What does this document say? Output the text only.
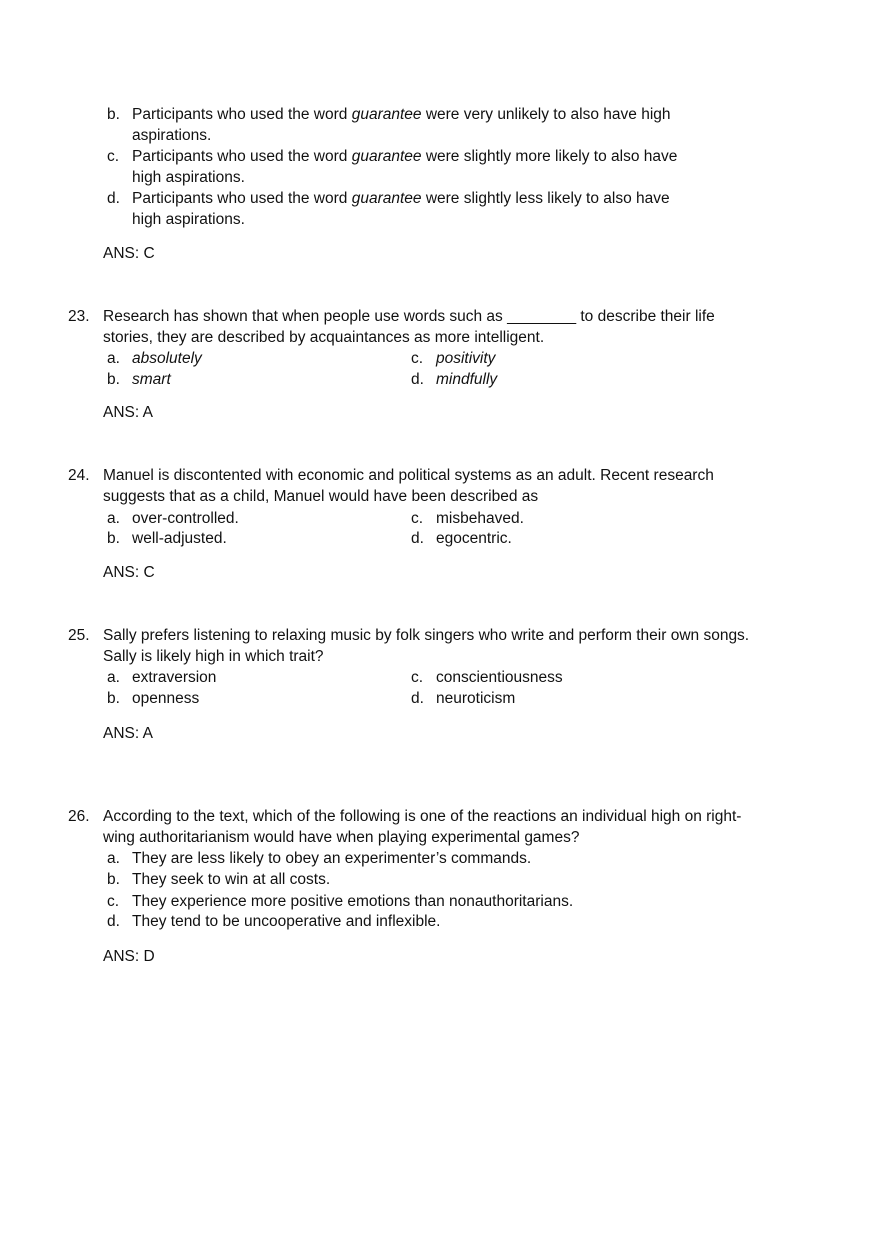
b. Participants who used the word guarantee were very unlikely to also have high
aspirations.
c. Participants who used the word guarantee were slightly more likely to also have
high aspirations.
d. Participants who used the word guarantee were slightly less likely to also have
high aspirations.
ANS: C
23. Research has shown that when people use words such as ________ to describe their life
stories, they are described by acquaintances as more intelligent.
a. absolutely
b. smart
c. positivity
d. mindfully
ANS: A
24. Manuel is discontented with economic and political systems as an adult. Recent research
suggests that as a child, Manuel would have been described as
a. over-controlled.
b. well-adjusted.
c. misbehaved.
d. egocentric.
ANS: C
25. Sally prefers listening to relaxing music by folk singers who write and perform their own songs.
Sally is likely high in which trait?
a. extraversion
b. openness
c. conscientiousness
d. neuroticism
ANS: A
26. According to the text, which of the following is one of the reactions an individual high on right-
wing authoritarianism would have when playing experimental games?
a. They are less likely to obey an experimenter’s commands.
b. They seek to win at all costs.
c. They experience more positive emotions than nonauthoritarians.
d. They tend to be uncooperative and inflexible.
ANS: D
